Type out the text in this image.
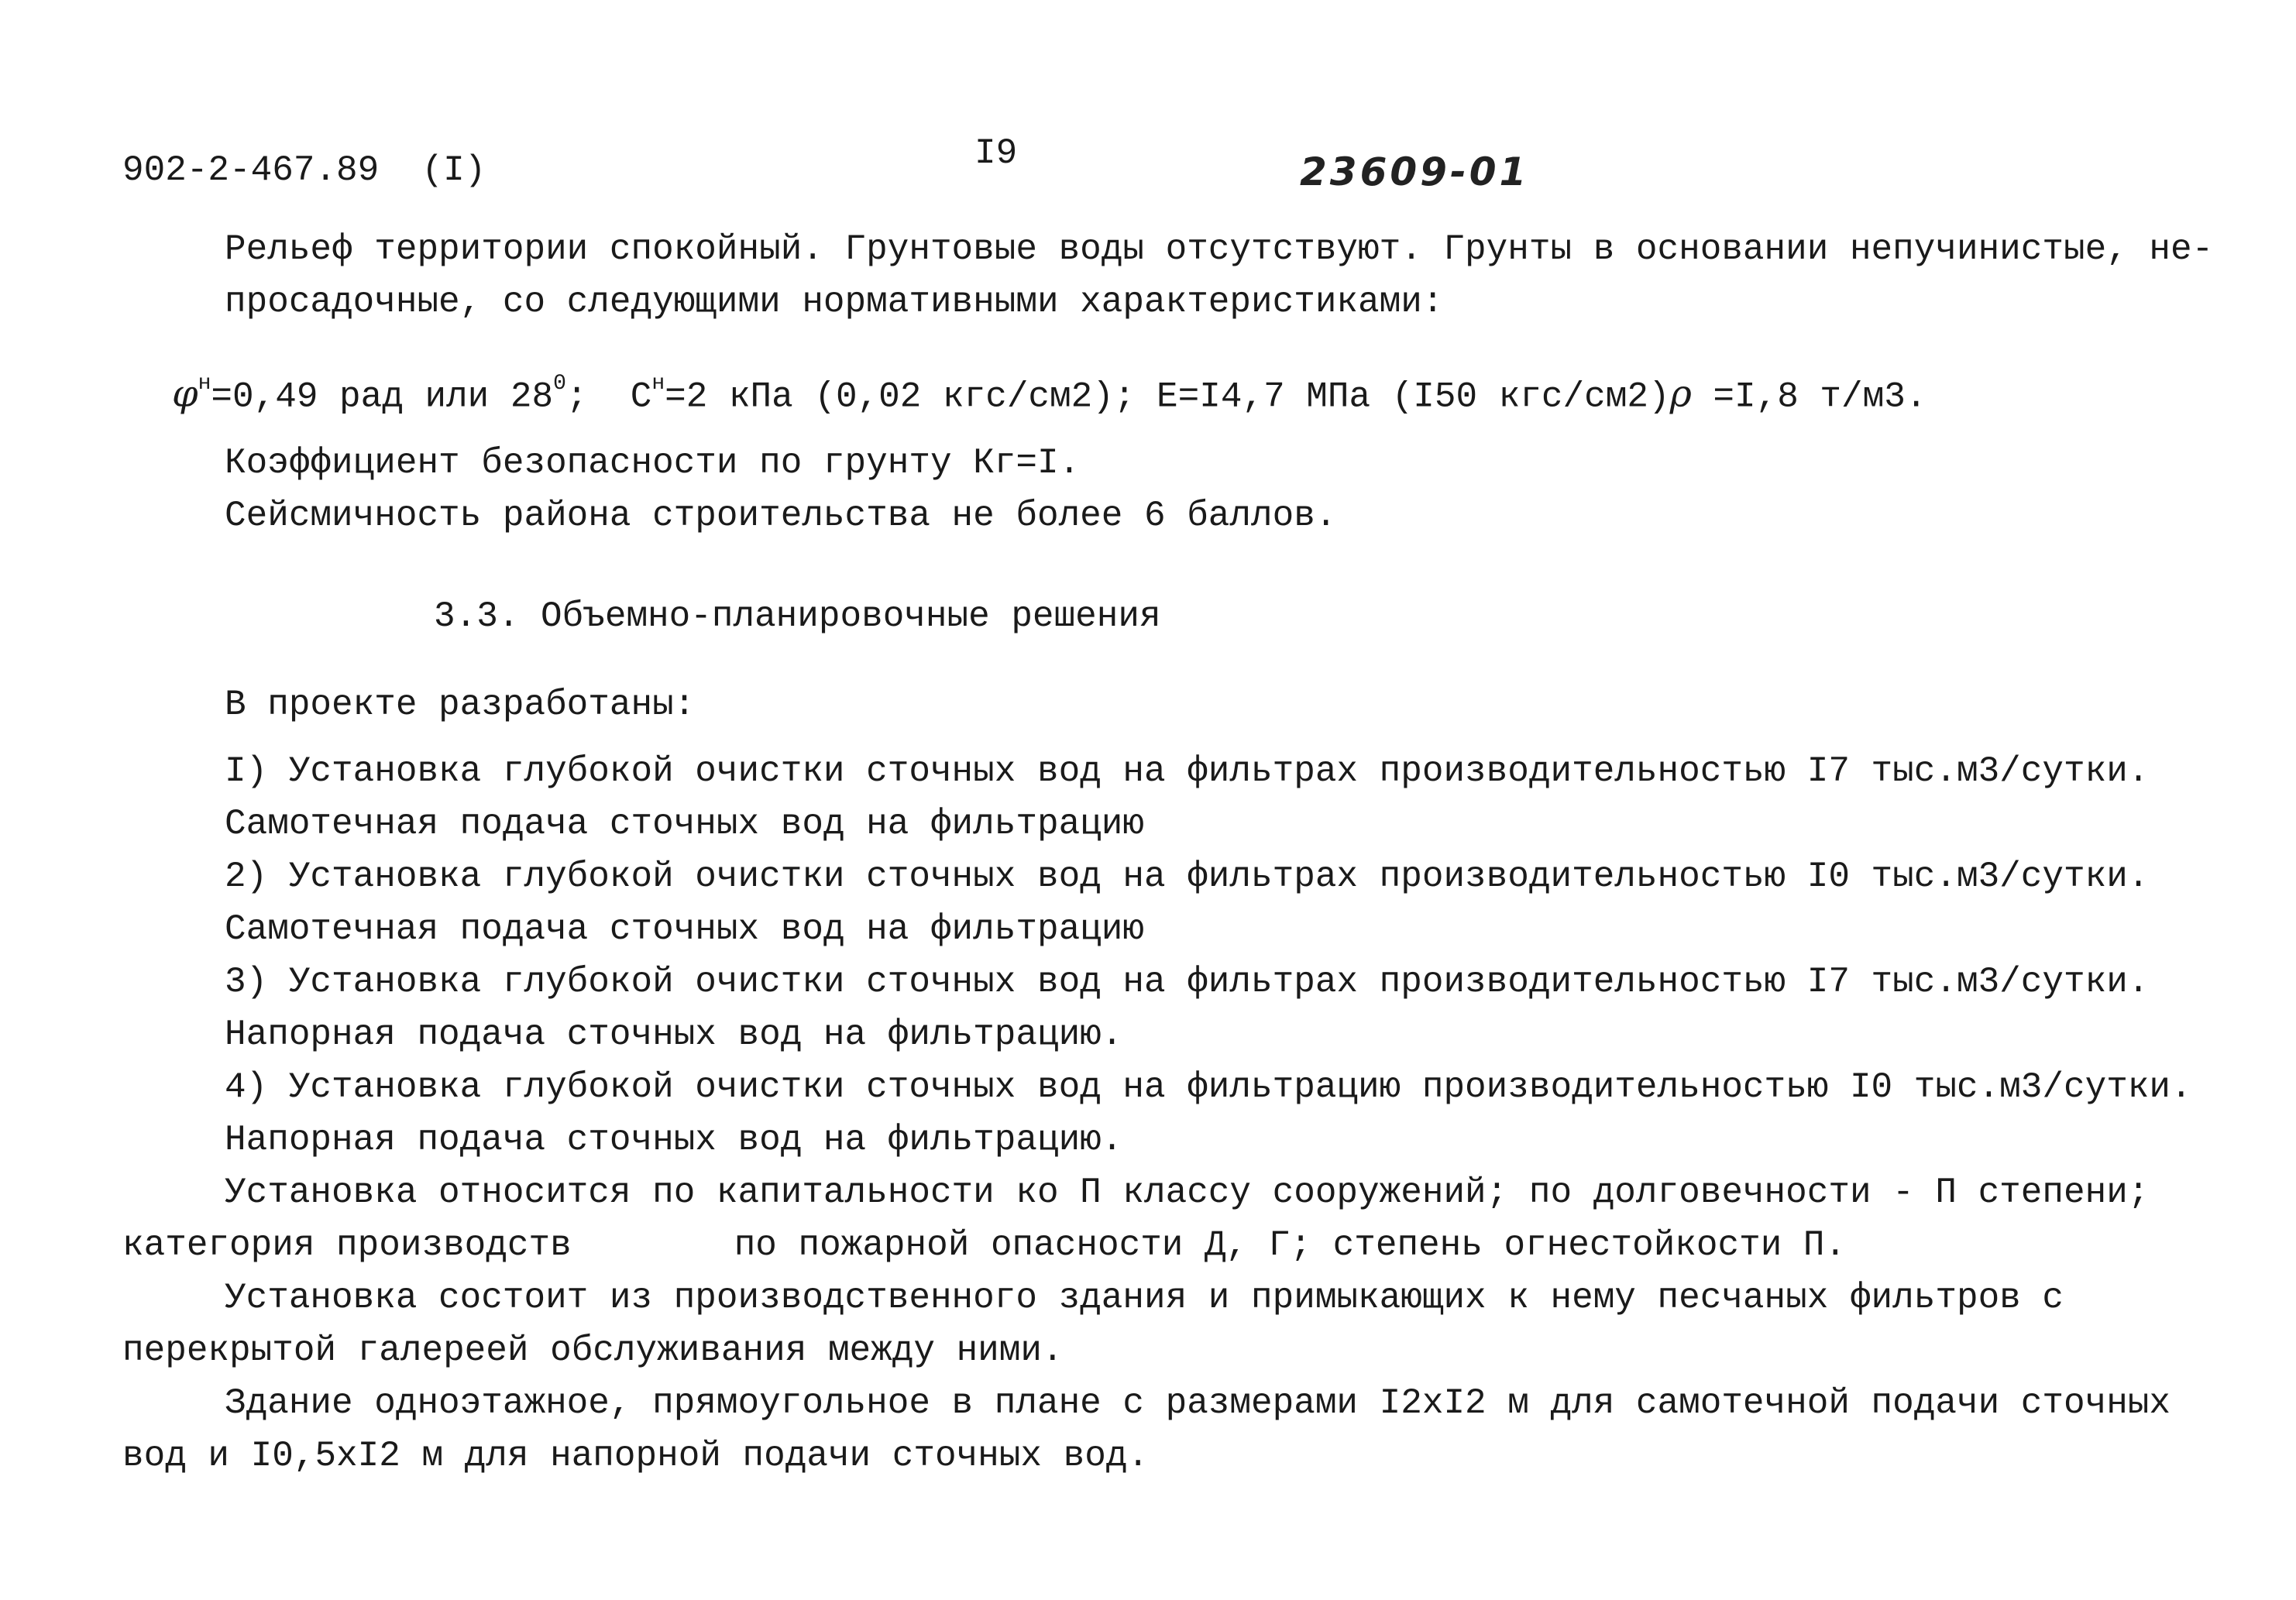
902-2-467.89  (I)	I9	23609-01
Рельеф территории спокойный. Грунтовые воды отсутствуют. Грунты в основании непучинистые, не-
просадочные, со следующими нормативными характеристиками:
$\varphi^н=0,49$ рад или $28^0$;  $С^н=2$ кПа (0,02 кгс/см2); Е=I4,7 МПа (I50 кгс/см2)ρ =I,8 т/м3.
Коэффициент безопасности по грунту Кг=I.
Сейсмичность района строительства не более 6 баллов.
3.3. Объемно-планировочные решения
В проекте разработаны:
I) Установка глубокой очистки сточных вод на фильтрах производительностью I7 тыс.м3/сутки.
Самотечная подача сточных вод на фильтрацию
2) Установка глубокой очистки сточных вод на фильтрах производительностью I0 тыс.м3/сутки.
Самотечная подача сточных вод на фильтрацию
3) Установка глубокой очистки сточных вод на фильтрах производительностью I7 тыс.м3/сутки.
Напорная подача сточных вод на фильтрацию.
4) Установка глубокой очистки сточных вод на фильтрацию производительностью I0 тыс.м3/сутки.
Напорная подача сточных вод на фильтрацию.
Установка относится по капитальности ко П классу сооружений; по долговечности - П степени;
категория производств	по пожарной опасности Д, Г; степень огнестойкости П.
Установка состоит из производственного здания и примыкающих к нему песчаных фильтров с
перекрытой галереей обслуживания между ними.
Здание одноэтажное, прямоугольное в плане с размерами I2хI2 м для самотечной подачи сточных
вод и I0,5хI2 м для напорной подачи сточных вод.
